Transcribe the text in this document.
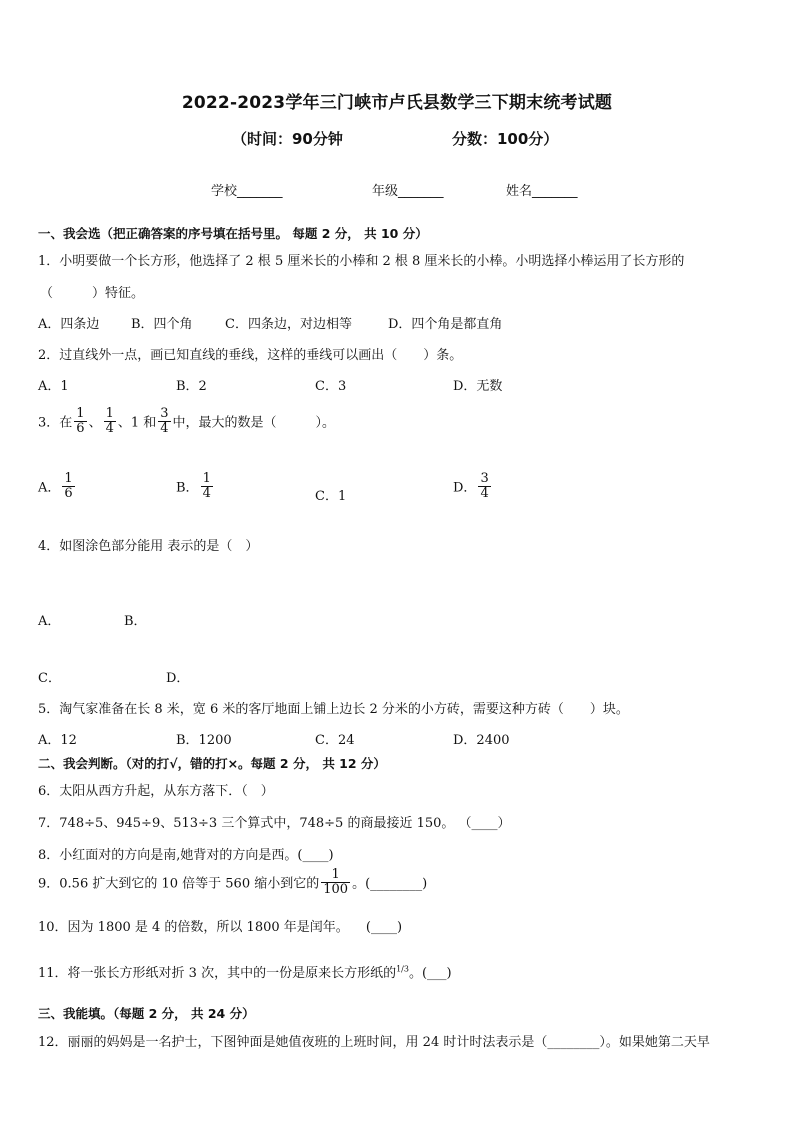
2022-2023学年三门峡市卢氏县数学三下期末统考试题
（时间：90分钟	分数：100分）
学校_______	年级_______	姓名_______
一、我会选（把正确答案的序号填在括号里。 每题 2 分， 共 10 分）
1．小明要做一个长方形，他选择了 2 根 5 厘米长的小棒和 2 根 8 厘米长的小棒。小明选择小棒运用了长方形的
（　　　）特征。
A．四条边 B．四个角 C．四条边，对边相等	D．四个角是都直角
2．过直线外一点，画已知直线的垂线，这样的垂线可以画出（　　）条。
A．1	B．2	C．3	D．无数
3．在 $\frac{1}{6}$ 、 $\frac{1}{4}$ 、1 和 $\frac{3}{4}$ 中，最大的数是（　　　）。
A． $\frac{1}{6}$	B． $\frac{1}{4}$	C．1
D． $\frac{3}{4}$
4．如图涂色部分能用 表示的是（　）
A．	B．
C．	D．
5．淘气家准备在长 8 米，宽 6 米的客厅地面上铺上边长 2 分米的小方砖，需要这种方砖（　　）块。
A．12	B．1200	C．24	D．2400
二、我会判断。（对的打√，错的打×。每题 2 分， 共 12 分）
6．太阳从西方升起，从东方落下．（　）
7．748÷5、945÷9、513÷3 三个算式中，748÷5 的商最接近 150。 （____）
8．小红面对的方向是南,她背对的方向是西。(____)
9．0.56 扩大到它的 10 倍等于 560 缩小到它的 $\frac{1}{100}$ 。(________)
10．因为 1800 是 4 的倍数，所以 1800 年是闰年。 　(____)
11．将一张长方形纸对折 3 次，其中的一份是原来长方形纸的$^{1/3}$。(___)
三、我能填。（每题 2 分， 共 24 分）
12．丽丽的妈妈是一名护士，下图钟面是她值夜班的上班时间，用 24 时计时法表示是（________）。如果她第二天早
